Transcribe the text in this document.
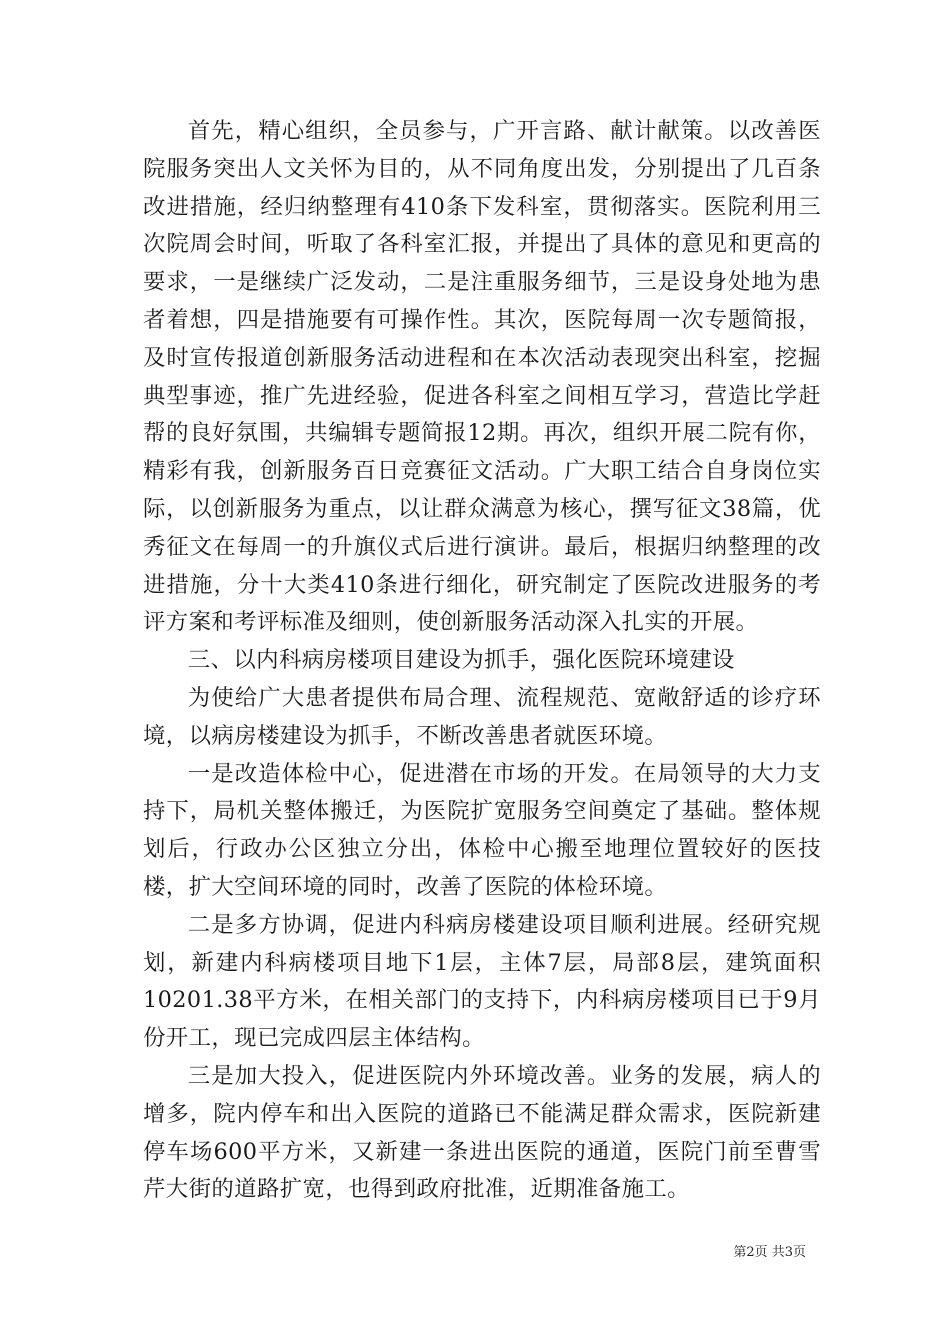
首先，精心组织，全员参与，广开言路、献计献策。以改善医院服务突出人文关怀为目的，从不同角度出发，分别提出了几百条改进措施，经归纳整理有410条下发科室，贯彻落实。医院利用三次院周会时间，听取了各科室汇报，并提出了具体的意见和更高的要求，一是继续广泛发动，二是注重服务细节，三是设身处地为患者着想，四是措施要有可操作性。其次，医院每周一次专题简报，及时宣传报道创新服务活动进程和在本次活动表现突出科室，挖掘典型事迹，推广先进经验，促进各科室之间相互学习，营造比学赶帮的良好氛围，共编辑专题简报12期。再次，组织开展二院有你，精彩有我，创新服务百日竞赛征文活动。广大职工结合自身岗位实际，以创新服务为重点，以让群众满意为核心，撰写征文38篇，优秀征文在每周一的升旗仪式后进行演讲。最后，根据归纳整理的改进措施，分十大类410条进行细化，研究制定了医院改进服务的考评方案和考评标准及细则，使创新服务活动深入扎实的开展。

三、以内科病房楼项目建设为抓手，强化医院环境建设

为使给广大患者提供布局合理、流程规范、宽敞舒适的诊疗环境，以病房楼建设为抓手，不断改善患者就医环境。

一是改造体检中心，促进潜在市场的开发。在局领导的大力支持下，局机关整体搬迁，为医院扩宽服务空间奠定了基础。整体规划后，行政办公区独立分出，体检中心搬至地理位置较好的医技楼，扩大空间环境的同时，改善了医院的体检环境。

二是多方协调，促进内科病房楼建设项目顺利进展。经研究规划，新建内科病楼项目地下1层，主体7层，局部8层，建筑面积10201.38平方米，在相关部门的支持下，内科病房楼项目已于9月份开工，现已完成四层主体结构。

三是加大投入，促进医院内外环境改善。业务的发展，病人的增多，院内停车和出入医院的道路已不能满足群众需求，医院新建停车场600平方米，又新建一条进出医院的通道，医院门前至曹雪芹大街的道路扩宽，也得到政府批准，近期准备施工。

第2页 共3页
